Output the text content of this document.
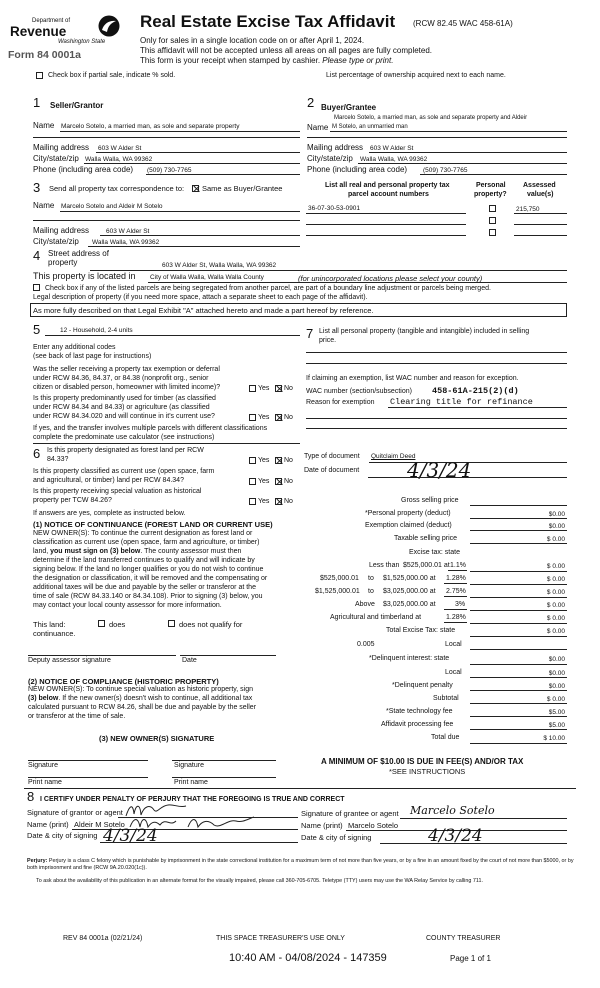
Department of
Revenue
Washington State
Form 84 0001a
Real Estate Excise Tax Affidavit (RCW 82.45 WAC 458-61A)
Only for sales in a single location code on or after April 1, 2024.
This affidavit will not be accepted unless all areas on all pages are fully completed.
This form is your receipt when stamped by cashier. Please type or print.
Check box if partial sale, indicate % sold.	List percentage of ownership acquired next to each name.
1 Seller/Grantor
Name Marcelo Sotelo, a married man, as sole and separate property
Mailing address 603 W Alder St
City/state/zip Walla Walla, WA 99362
Phone (including area code) (509) 730-7765
2 Buyer/Grantee
Marcelo Sotelo, a married man, as sole and separate property and Aldeir
Name M Sotelo, an unmarried man
Mailing address 603 W Alder St
City/state/zip Walla Walla, WA 99362
Phone (including area code) (509) 730-7765
3 Send all property tax correspondence to: Same as Buyer/Grantee
Name Marcelo Sotelo and Aldeir M Sotelo
Mailing address	603 W Alder St
City/state/zip Walla Walla, WA 99362
List all real and personal property tax
parcel account numbers
Personal
property?
Assessed
value(s)
36-07-30-53-0901	215,750
4 Street address of
property	603 W Alder St, Walla Walla, WA 99362
This property is located in City of Walla Walla, Walla Walla County	(for unincorporated locations please select your county)
Check box if any of the listed parcels are being segregated from another parcel, are part of a boundary line adjustment or parcels being merged.
Legal description of property (if you need more space, attach a separate sheet to each page of the affidavit).
As more fully described on that Legal Exhibit "A" attached hereto and made a part hereof by reference.
5	12 - Household, 2-4 units
Enter any additional codes
(see back of last page for instructions)
Was the seller receiving a property tax exemption or deferral
under RCW 84.36, 84.37, or 84.38 (nonprofit org., senior
citizen or disabled person, homeowner with limited income)?	Yes No
Is this property predominantly used for timber (as classified
under RCW 84.34 and 84.33) or agriculture (as classified
under RCW 84.34.020 and will continue in it's current use?	Yes No
If yes, and the transfer involves multiple parcels with different classifications
complete the predominate use calculator (see instructions)
6 Is this property designated as forest land per RCW
84.33?	Yes No
Is this property classified as current use (open space, farm
and agricultural, or timber) land per RCW 84.34?	Yes No
Is this property receiving special valuation as historical
property per TCW 84.26?	Yes No
If answers are yes, complete as instructed below.
(1) NOTICE OF CONTINUANCE (FOREST LAND OR CURRENT USE)
NEW OWNER(S): To continue the current designation as forest land or
classification as current use (open space, farm and agriculture, or timber)
land, you must sign on (3) below. The county assessor must then
determine if the land transferred continues to qualify and will indicate by
signing below. If the land no longer qualifies or you do not wish to continue
the designation or classification, it will be removed and the compensating or
additional taxes will be due and payable by the seller or transferor at the
time of sale (RCW 84.33.140 or 84.34.108). Prior to signing (3) below, you
may contact your local county assessor for more information.
This land:
continuance.
does	does not qualify for
Deputy assessor signature	Date
(2) NOTICE OF COMPLIANCE (HISTORIC PROPERTY)
NEW OWNER(S): To continue special valuation as historic property, sign
(3) below. If the new owner(s) doesn't wish to continue, all additional tax
calculated pursuant to RCW 84.26, shall be due and payable by the seller
or transferor at the time of sale.
(3) NEW OWNER(S) SIGNATURE
Signature	Signature
Print name	Print name
7 List all personal property (tangible and intangible) included in selling
price.
If claiming an exemption, list WAC number and reason for exception.
WAC number (section/subsection) 458-61A-215(2)(d)
Reason for exemption Clearing title for refinance
Type of document Quitclaim Deed
Date of document 4/3/24
Gross selling price
*Personal property (deduct)	$0.00
Exemption claimed (deduct)	$0.00
Taxable selling price	$ 0.00
Excise tax: state
Less than $525,000.01 at 1.1%	$ 0.00
$525,000.01 to $1,525,000.00 at 1.28%	$ 0.00
$1,525,000.01 to $3,025,000.00 at 2.75%	$ 0.00
Above $3,025,000.00 at	3%	$ 0.00
Agricultural and timberland at	1.28%	$ 0.00
Total Excise Tax: state	$ 0.00
0.005	Local
*Delinquent interest: state	$0.00
Local	$0.00
*Delinquent penalty	$0.00
Subtotal	$ 0.00
*State technology fee	$5.00
Affidavit processing fee	$5.00
Total due	$ 10.00
A MINIMUM OF $10.00 IS DUE IN FEE(S) AND/OR TAX
*SEE INSTRUCTIONS
8 I CERTIFY UNDER PENALTY OF PERJURY THAT THE FOREGOING IS TRUE AND CORRECT
Signature of grantor or agent
Name (print) Aldeir M Sotelo
Date & city of signing 4/3/24
Signature of grantee or agent Marcelo Sotelo
Name (print) Marcelo Sotelo
Date & city of signing	4/3/24
Perjury: Perjury is a class C felony which is punishable by imprisonment in the state correctional institution for a maximum term of not more than five years, or by a fine in an amount fixed by the court of not more than $5000, or by both imprisonment and fine (RCW 9A.20.020(1c)).
To ask about the availability of this publication in an alternate format for the visually impaired, please call 360-705-6705. Teletype (TTY) users may use the WA Relay Service by calling 711.
REV 84 0001a (02/21/24)	THIS SPACE TREASURER'S USE ONLY	COUNTY TREASURER
10:40 AM - 04/08/2024 - 147359	Page 1 of 1
